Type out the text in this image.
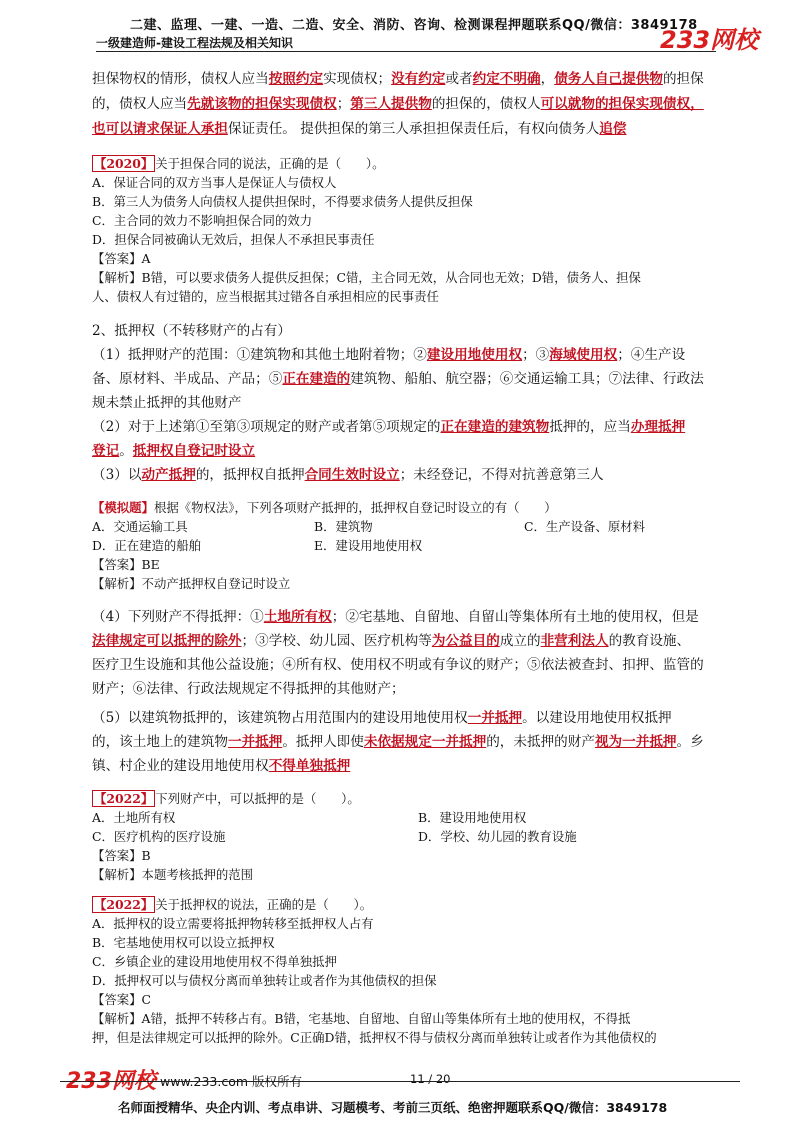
二建、监理、一建、一造、二造、安全、消防、咨询、检测课程押题联系QQ/微信：3849178
一级建造师-建设工程法规及相关知识	233网校
担保物权的情形，债权人应当按照约定实现债权；没有约定或者约定不明确，债务人自己提供物的担保
的，债权人应当先就该物的担保实现债权；第三人提供物的担保的，债权人可以就物的担保实现债权，
也可以请求保证人承担保证责任。 提供担保的第三人承担担保责任后，有权向债务人追偿
【2020】 关于担保合同的说法，正确的是（　　）。
A．保证合同的双方当事人是保证人与债权人
B．第三人为债务人向债权人提供担保时，不得要求债务人提供反担保
C．主合同的效力不影响担保合同的效力
D．担保合同被确认无效后，担保人不承担民事责任
【答案】A
【解析】B错，可以要求债务人提供反担保；C错，主合同无效，从合同也无效；D错，债务人、担保
人、债权人有过错的，应当根据其过错各自承担相应的民事责任
2、抵押权（不转移财产的占有）
（1）抵押财产的范围：①建筑物和其他土地附着物；②建设用地使用权；③海域使用权；④生产设
备、原材料、半成品、产品；⑤正在建造的建筑物、船舶、航空器；⑥交通运输工具；⑦法律、行政法
规未禁止抵押的其他财产
（2）对于上述第①至第③项规定的财产或者第⑤项规定的正在建造的建筑物抵押的，应当办理抵押
登记。抵押权自登记时设立
（3）以动产抵押的，抵押权自抵押合同生效时设立；未经登记，不得对抗善意第三人
【模拟题】根据《物权法》，下列各项财产抵押的，抵押权自登记时设立的有（　　）
A．交通运输工具	B．建筑物	C．生产设备、原材料
D．正在建造的船舶	E．建设用地使用权
【答案】BE
【解析】不动产抵押权自登记时设立
（4）下列财产不得抵押：①土地所有权；②宅基地、自留地、自留山等集体所有土地的使用权，但是
法律规定可以抵押的除外；③学校、幼儿园、医疗机构等为公益目的成立的非营利法人的教育设施、
医疗卫生设施和其他公益设施；④所有权、使用权不明或有争议的财产；⑤依法被查封、扣押、监管的
财产；⑥法律、行政法规规定不得抵押的其他财产；
（5）以建筑物抵押的，该建筑物占用范围内的建设用地使用权一并抵押。以建设用地使用权抵押
的，该土地上的建筑物一并抵押。抵押人即使未依据规定一并抵押的，未抵押的财产视为一并抵押。乡
镇、村企业的建设用地使用权不得单独抵押
【2022】 下列财产中，可以抵押的是（　　）。
A．土地所有权	B．建设用地使用权
C．医疗机构的医疗设施	D．学校、幼儿园的教育设施
【答案】B
【解析】本题考核抵押的范围
【2022】 关于抵押权的说法，正确的是（　　）。
A．抵押权的设立需要将抵押物转移至抵押权人占有
B．宅基地使用权可以设立抵押权
C．乡镇企业的建设用地使用权不得单独抵押
D．抵押权可以与债权分离而单独转让或者作为其他债权的担保
【答案】C
【解析】A错，抵押不转移占有。B错，宅基地、自留地、自留山等集体所有土地的使用权，不得抵
押，但是法律规定可以抵押的除外。C正确D错，抵押权不得与债权分离而单独转让或者作为其他债权的
233网校 www.233.com 版权所有	11 / 20
名师面授精华、央企内训、考点串讲、习题模考、考前三页纸、绝密押题联系QQ/微信：3849178
